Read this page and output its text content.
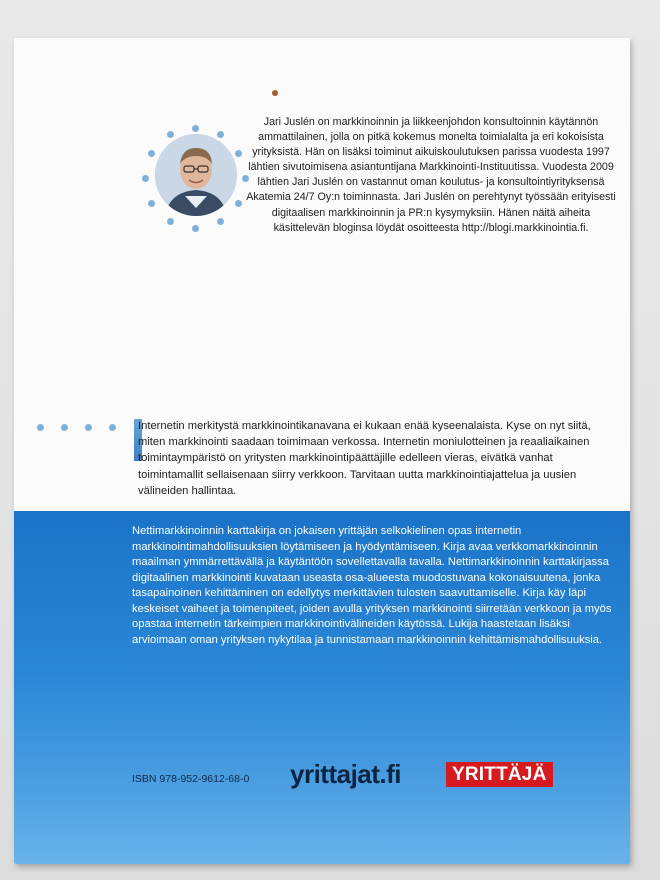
Jari Juslén on markkinoinnin ja liikkeenjohdon konsultoinnin käytännön ammattilainen, jolla on pitkä kokemus monelta toimialalta ja eri kokoisista yrityksistä. Hän on lisäksi toiminut aikuiskoulutuksen parissa vuodesta 1997 lähtien sivutoimisena asiantuntijana Markkinointi-Instituutissa. Vuodesta 2009 lähtien Jari Juslén on vastannut oman koulutus- ja konsultointiyrityksensä Akatemia 24/7 Oy:n toiminnasta. Jari Juslén on perehtynyt työssään erityisesti digitaalisen markkinoinnin ja PR:n kysymyksiin. Hänen näitä aiheita käsittelevän bloginsa löydät osoitteesta http://blogi.markkinointia.fi.

Internetin merkitystä markkinointikanavana ei kukaan enää kyseenalaista. Kyse on nyt siitä, miten markkinointi saadaan toimimaan verkossa. Internetin moniulotteinen ja reaaliaikainen toimintaympäristö on yritysten markkinointipäättäjille edelleen vieras, eivätkä vanhat toimintamallit sellaisenaan siirry verkkoon. Tarvitaan uutta markkinointiajattelua ja uusien välineiden hallintaa.

Nettimarkkinoinnin karttakirja on jokaisen yrittäjän selkokielinen opas internetin markkinointimahdollisuuksien löytämiseen ja hyödyntämiseen. Kirja avaa verkkomarkkinoinnin maailman ymmärrettävällä ja käytäntöön sovellettavalla tavalla. Nettimarkkinoinnin karttakirjassa digitaalinen markkinointi kuvataan useasta osa-alueesta muodostuvana kokonaisuutena, jonka tasapainoinen kehittäminen on edellytys merkittävien tulosten saavuttamiselle. Kirja käy läpi keskeiset vaiheet ja toimenpiteet, joiden avulla yrityksen markkinointi siirretään verkkoon ja myös opastaa internetin tärkeimpien markkinointivälineiden käytössä. Lukija haastetaan lisäksi arvioimaan oman yrityksen nykytilaa ja tunnistamaan markkinoinnin kehittämismahdollisuuksia.

ISBN 978-952-9612-68-0 yrittajat.fi	YRITTÄJÄ
